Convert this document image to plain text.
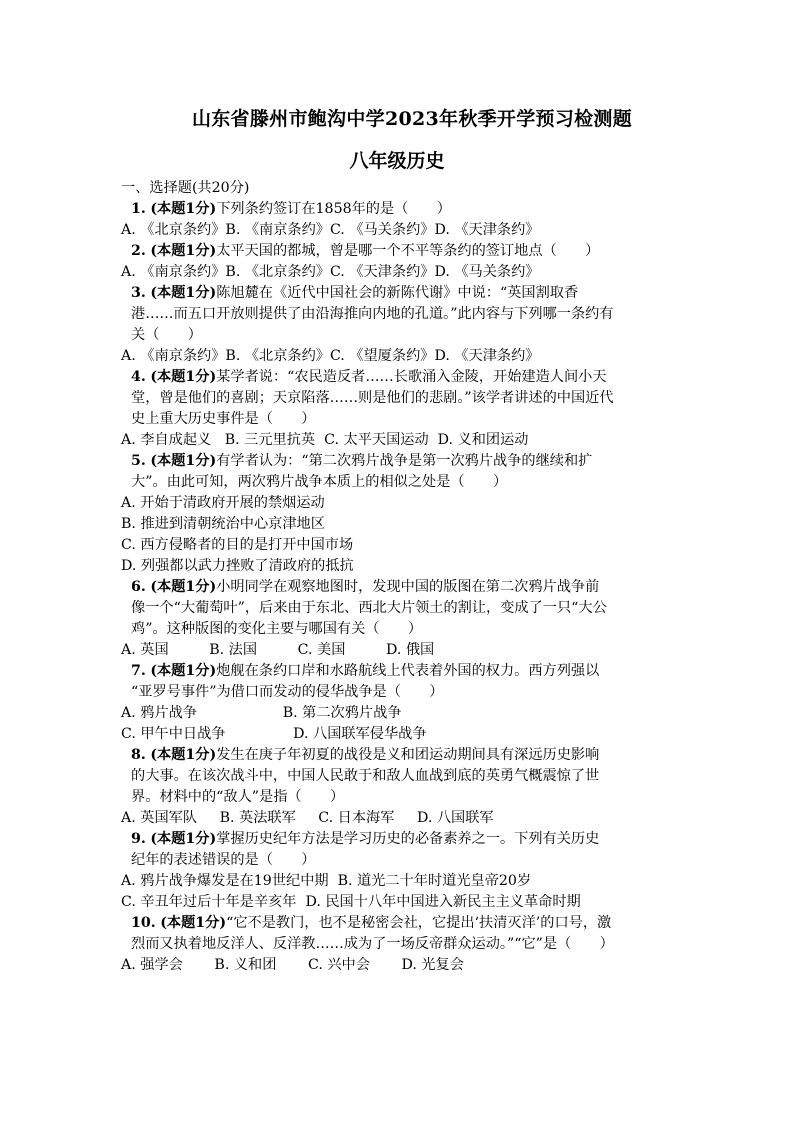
山东省滕州市鲍沟中学2023年秋季开学预习检测题
八年级历史
一、选择题(共20分)
1. (本题1分)下列条约签订在1858年的是（　　）
A. 《北京条约》B. 《南京条约》C. 《马关条约》D. 《天津条约》
2. (本题1分)太平天国的都城，曾是哪一个不平等条约的签订地点（　　）
A. 《南京条约》B. 《北京条约》C. 《天津条约》D. 《马关条约》
3. (本题1分)陈旭麓在《近代中国社会的新陈代谢》中说：“英国割取香
港……而五口开放则提供了由沿海推向内地的孔道。”此内容与下列哪一条约有
关（　　）
A. 《南京条约》B. 《北京条约》C. 《望厦条约》D. 《天津条约》
4. (本题1分)某学者说：“农民造反者……长歌涌入金陵，开始建造人间小天
堂，曾是他们的喜剧；天京陷落……则是他们的悲剧。”该学者讲述的中国近代
史上重大历史事件是（　　）
A. 李自成起义   B. 三元里抗英  C. 太平天国运动  D. 义和团运动
5. (本题1分)有学者认为：“第二次鸦片战争是第一次鸦片战争的继续和扩
大”。由此可知，两次鸦片战争本质上的相似之处是（　　）
A. 开始于清政府开展的禁烟运动
B. 推进到清朝统治中心京津地区
C. 西方侵略者的目的是打开中国市场
D. 列强都以武力挫败了清政府的抵抗
6. (本题1分)小明同学在观察地图时，发现中国的版图在第二次鸦片战争前
像一个“大葡萄叶”，后来由于东北、西北大片领土的割让，变成了一只“大公
鸡”。这种版图的变化主要与哪国有关（　　）
A. 英国         B. 法国         C. 美国         D. 俄国
7. (本题1分)炮舰在条约口岸和水路航线上代表着外国的权力。西方列强以
“亚罗号事件”为借口而发动的侵华战争是（　　）
A. 鸦片战争                   B. 第二次鸦片战争
C. 甲午中日战争               D. 八国联军侵华战争
8. (本题1分)发生在庚子年初夏的战役是义和团运动期间具有深远历史影响
的大事。在该次战斗中，中国人民敢于和敌人血战到底的英勇气概震惊了世
界。材料中的“敌人”是指（　　）
A. 英国军队     B. 英法联军     C. 日本海军     D. 八国联军
9. (本题1分)掌握历史纪年方法是学习历史的必备素养之一。下列有关历史
纪年的表述错误的是（　　）
A. 鸦片战争爆发是在19世纪中期  B. 道光二十年时道光皇帝20岁
C. 辛丑年过后十年是辛亥年  D. 民国十八年中国进入新民主主义革命时期
10. (本题1分)“它不是教门，也不是秘密会社，它提出‘扶清灭洋’的口号，激
烈而又执着地反洋人、反洋教……成为了一场反帝群众运动。”“它”是（　　）
A. 强学会       B. 义和团       C. 兴中会       D. 光复会
